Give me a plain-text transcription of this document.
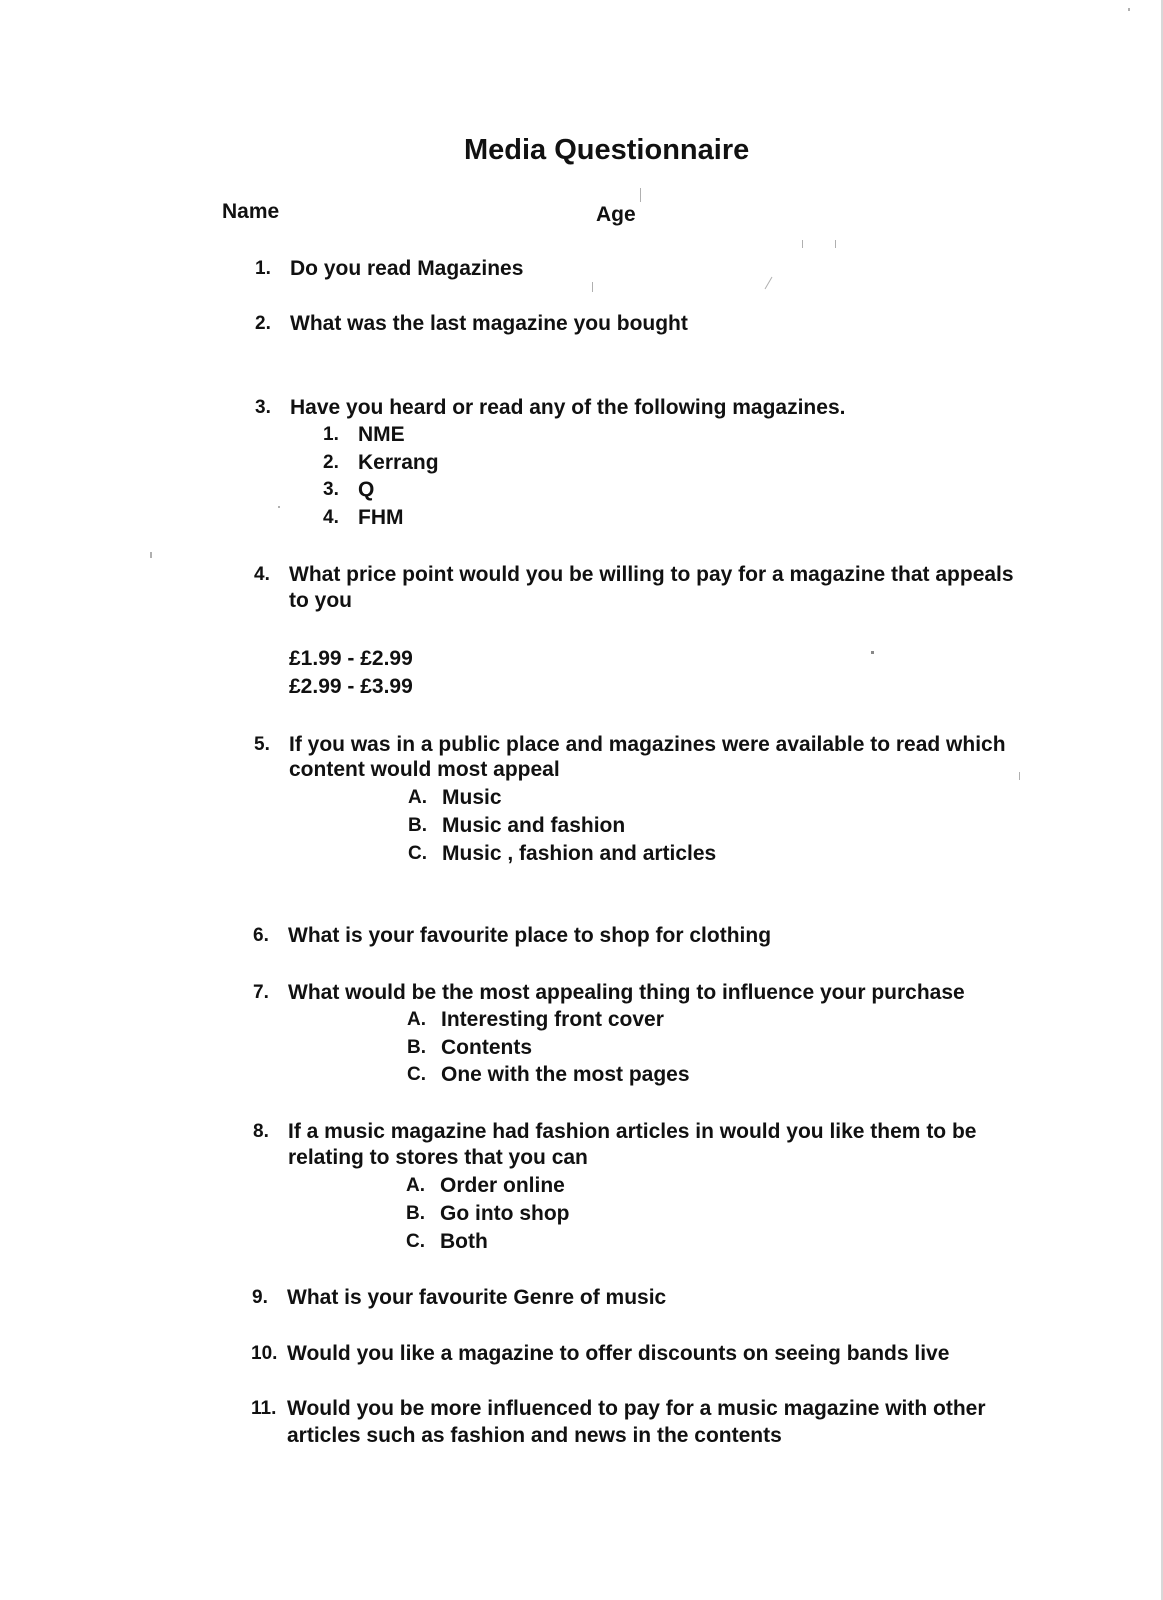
Media Questionnaire
Name	Age
1. Do you read Magazines
2. What was the last magazine you bought
3. Have you heard or read any of the following magazines.
1. NME
2. Kerrang
3. Q
4. FHM
4. What price point would you be willing to pay for a magazine that appeals
to you
£1.99 - £2.99
£2.99 - £3.99
5. If you was in a public place and magazines were available to read which
content would most appeal
A. Music
B. Music and fashion
C. Music , fashion and articles
6. What is your favourite place to shop for clothing
7. What would be the most appealing thing to influence your purchase
A. Interesting front cover
B. Contents
C. One with the most pages
8. If a music magazine had fashion articles in would you like them to be
relating to stores that you can
A. Order online
B. Go into shop
C. Both
9. What is your favourite Genre of music
10. Would you like a magazine to offer discounts on seeing bands live
11. Would you be more influenced to pay for a music magazine with other
articles such as fashion and news in the contents
